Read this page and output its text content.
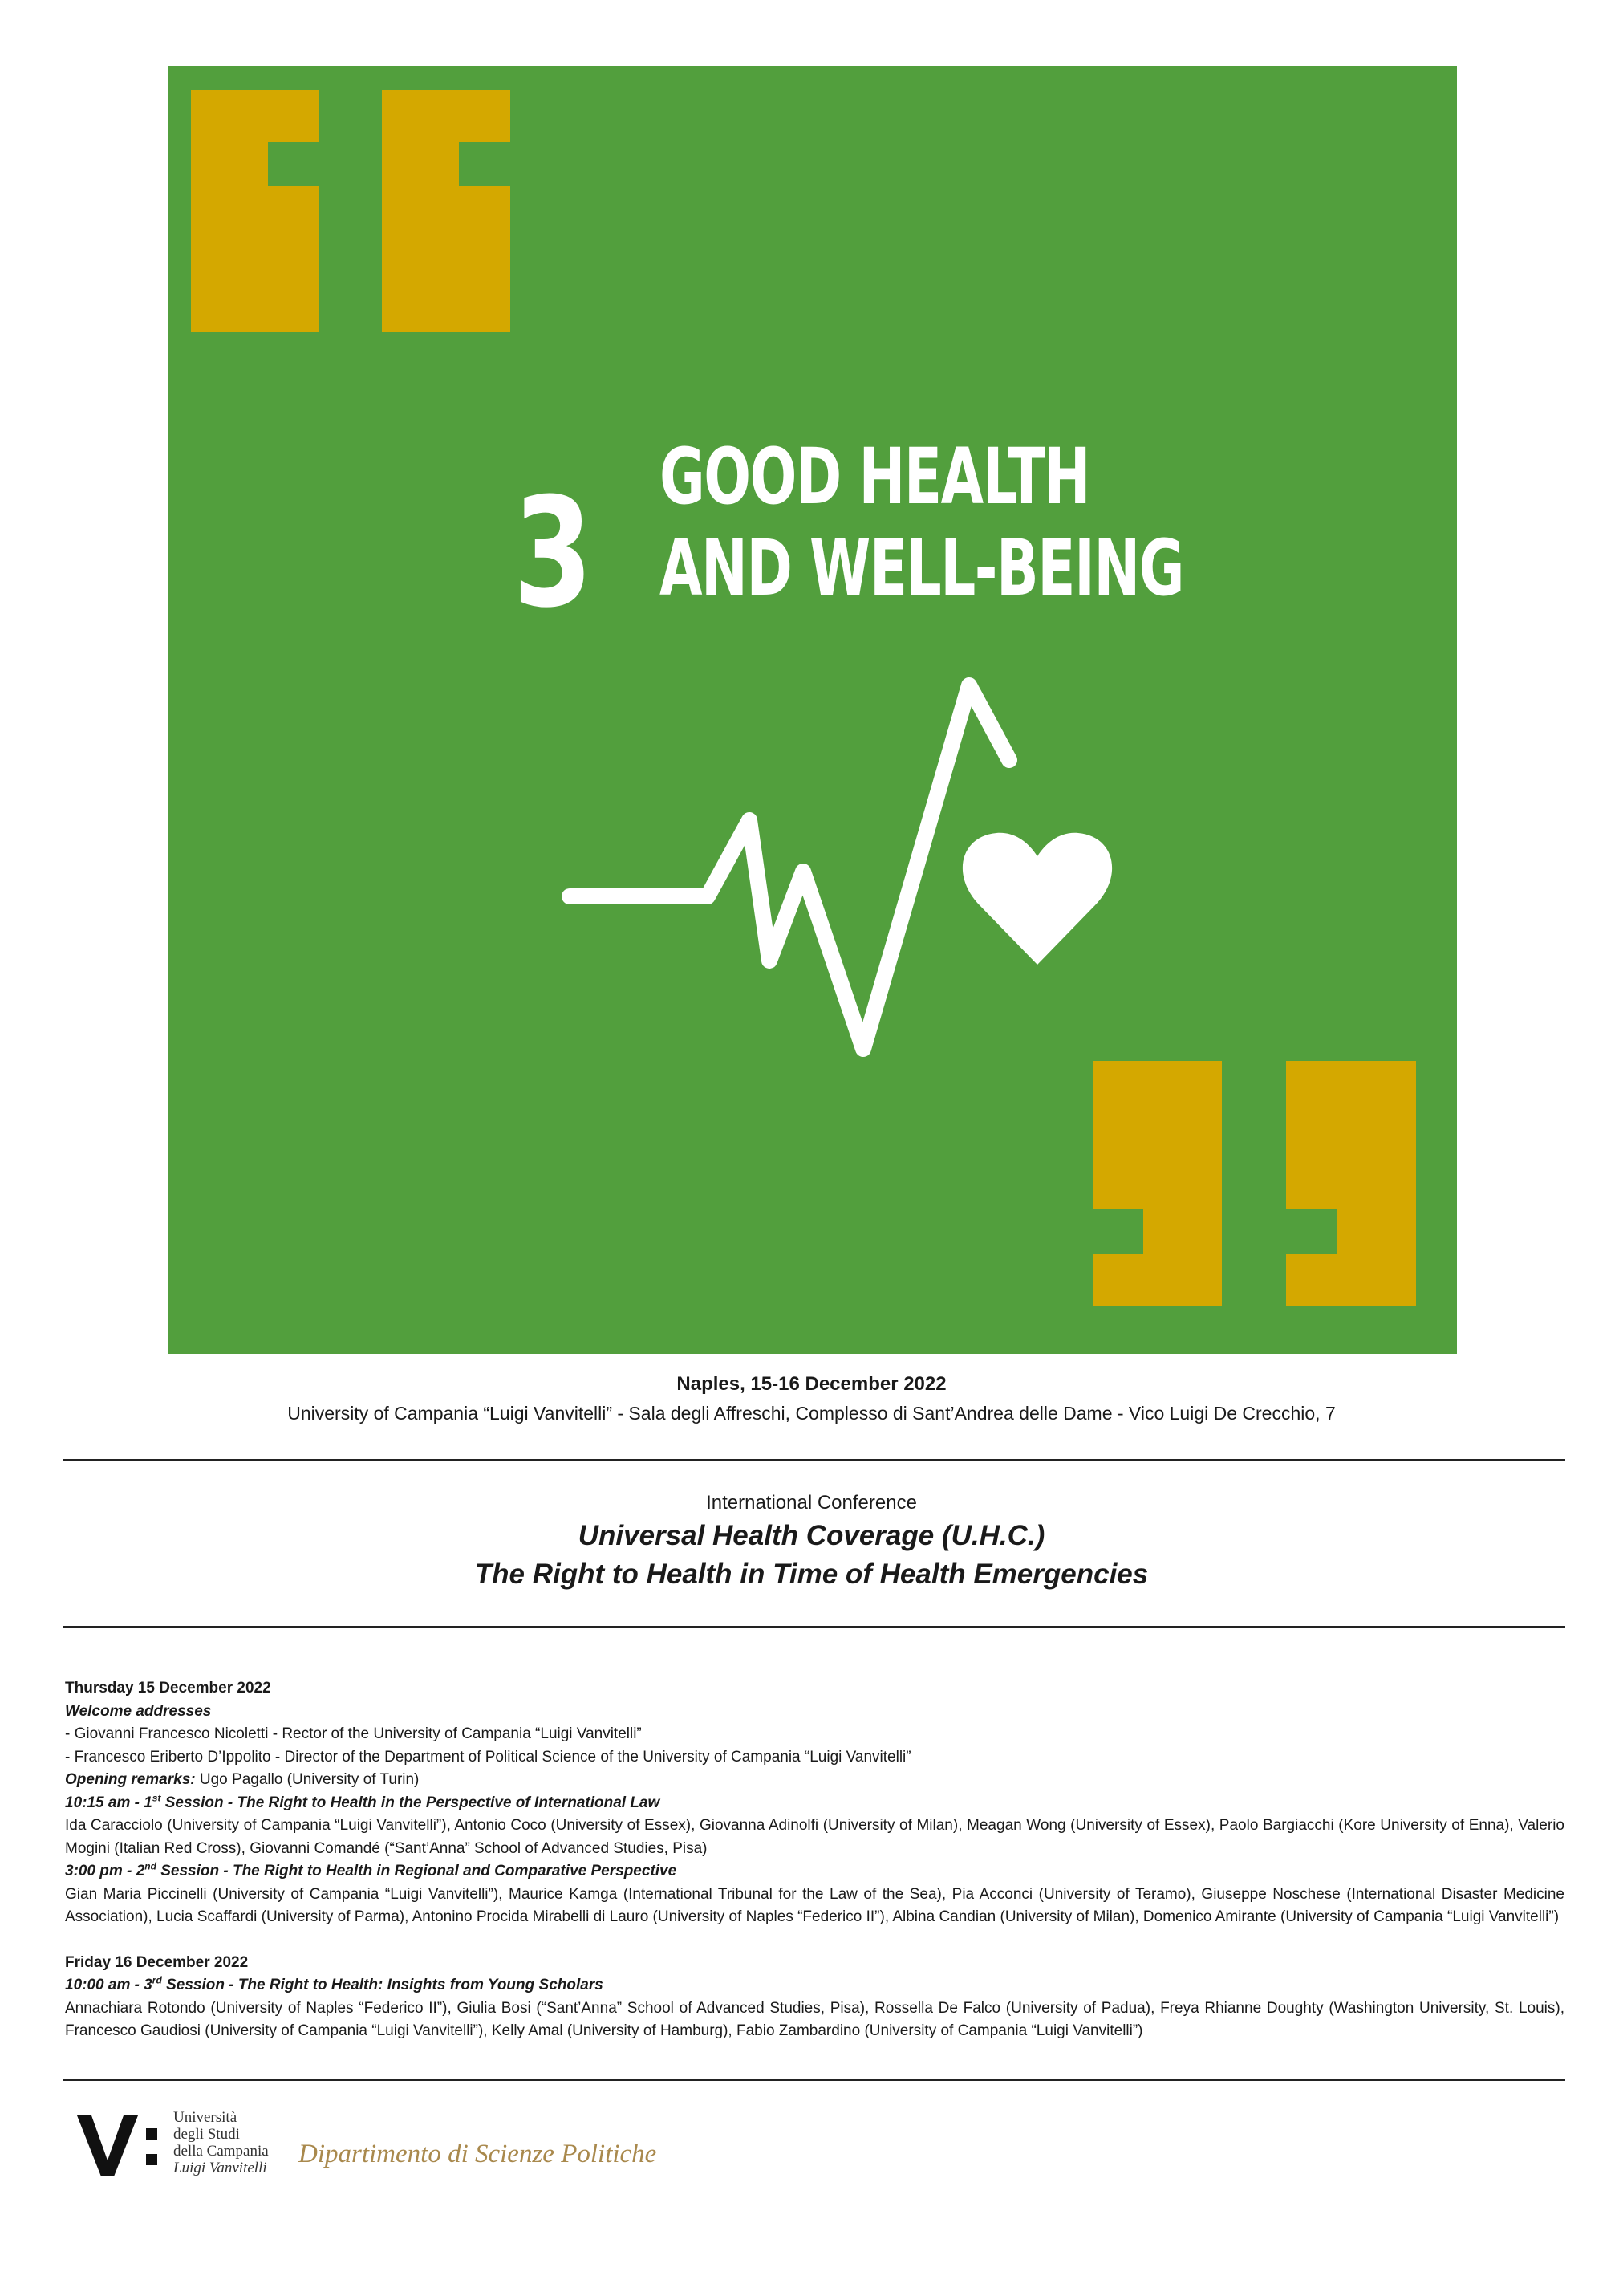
3 GOOD HEALTH
AND WELL-BEING
Naples, 15-16 December 2022
University of Campania “Luigi Vanvitelli” - Sala degli Affreschi, Complesso di Sant’Andrea delle Dame - Vico Luigi De Crecchio, 7
International Conference
Universal Health Coverage (U.H.C.)
The Right to Health in Time of Health Emergencies

Thursday 15 December 2022

Welcome addresses

- Giovanni Francesco Nicoletti - Rector of the University of Campania “Luigi Vanvitelli”

- Francesco Eriberto D’Ippolito - Director of the Department of Political Science of the University of Campania “Luigi Vanvitelli”

Opening remarks: Ugo Pagallo (University of Turin)

10:15 am - 1st Session - The Right to Health in the Perspective of International Law

Ida Caracciolo (University of Campania “Luigi Vanvitelli”), Antonio Coco (University of Essex), Giovanna Adinolfi (University of Milan), Meagan Wong (University of Essex), Paolo Bargiacchi (Kore University of Enna), Valerio Mogini (Italian Red Cross), Giovanni Comandé (“Sant’Anna” School of Advanced Studies, Pisa)

3:00 pm - 2nd Session - The Right to Health in Regional and Comparative Perspective

Gian Maria Piccinelli (University of Campania “Luigi Vanvitelli”), Maurice Kamga (International Tribunal for the Law of the Sea), Pia Acconci (University of Teramo), Giuseppe Noschese (International Disaster Medicine Association), Lucia Scaffardi (University of Parma), Antonino Procida Mirabelli di Lauro (University of Naples “Federico II”), Albina Candian (University of Milan), Domenico Amirante (University of Campania “Luigi Vanvitelli”)

Friday 16 December 2022

10:00 am - 3rd Session - The Right to Health: Insights from Young Scholars

Annachiara Rotondo (University of Naples “Federico II”), Giulia Bosi (“Sant’Anna” School of Advanced Studies, Pisa), Rossella De Falco (University of Padua), Freya Rhianne Doughty (Washington University, St. Louis), Francesco Gaudiosi (University of Campania “Luigi Vanvitelli”), Kelly Amal (University of Hamburg), Fabio Zambardino (University of Campania “Luigi Vanvitelli”)

Università
degli Studi
della Campania
Luigi Vanvitelli Dipartimento di Scienze Politiche
